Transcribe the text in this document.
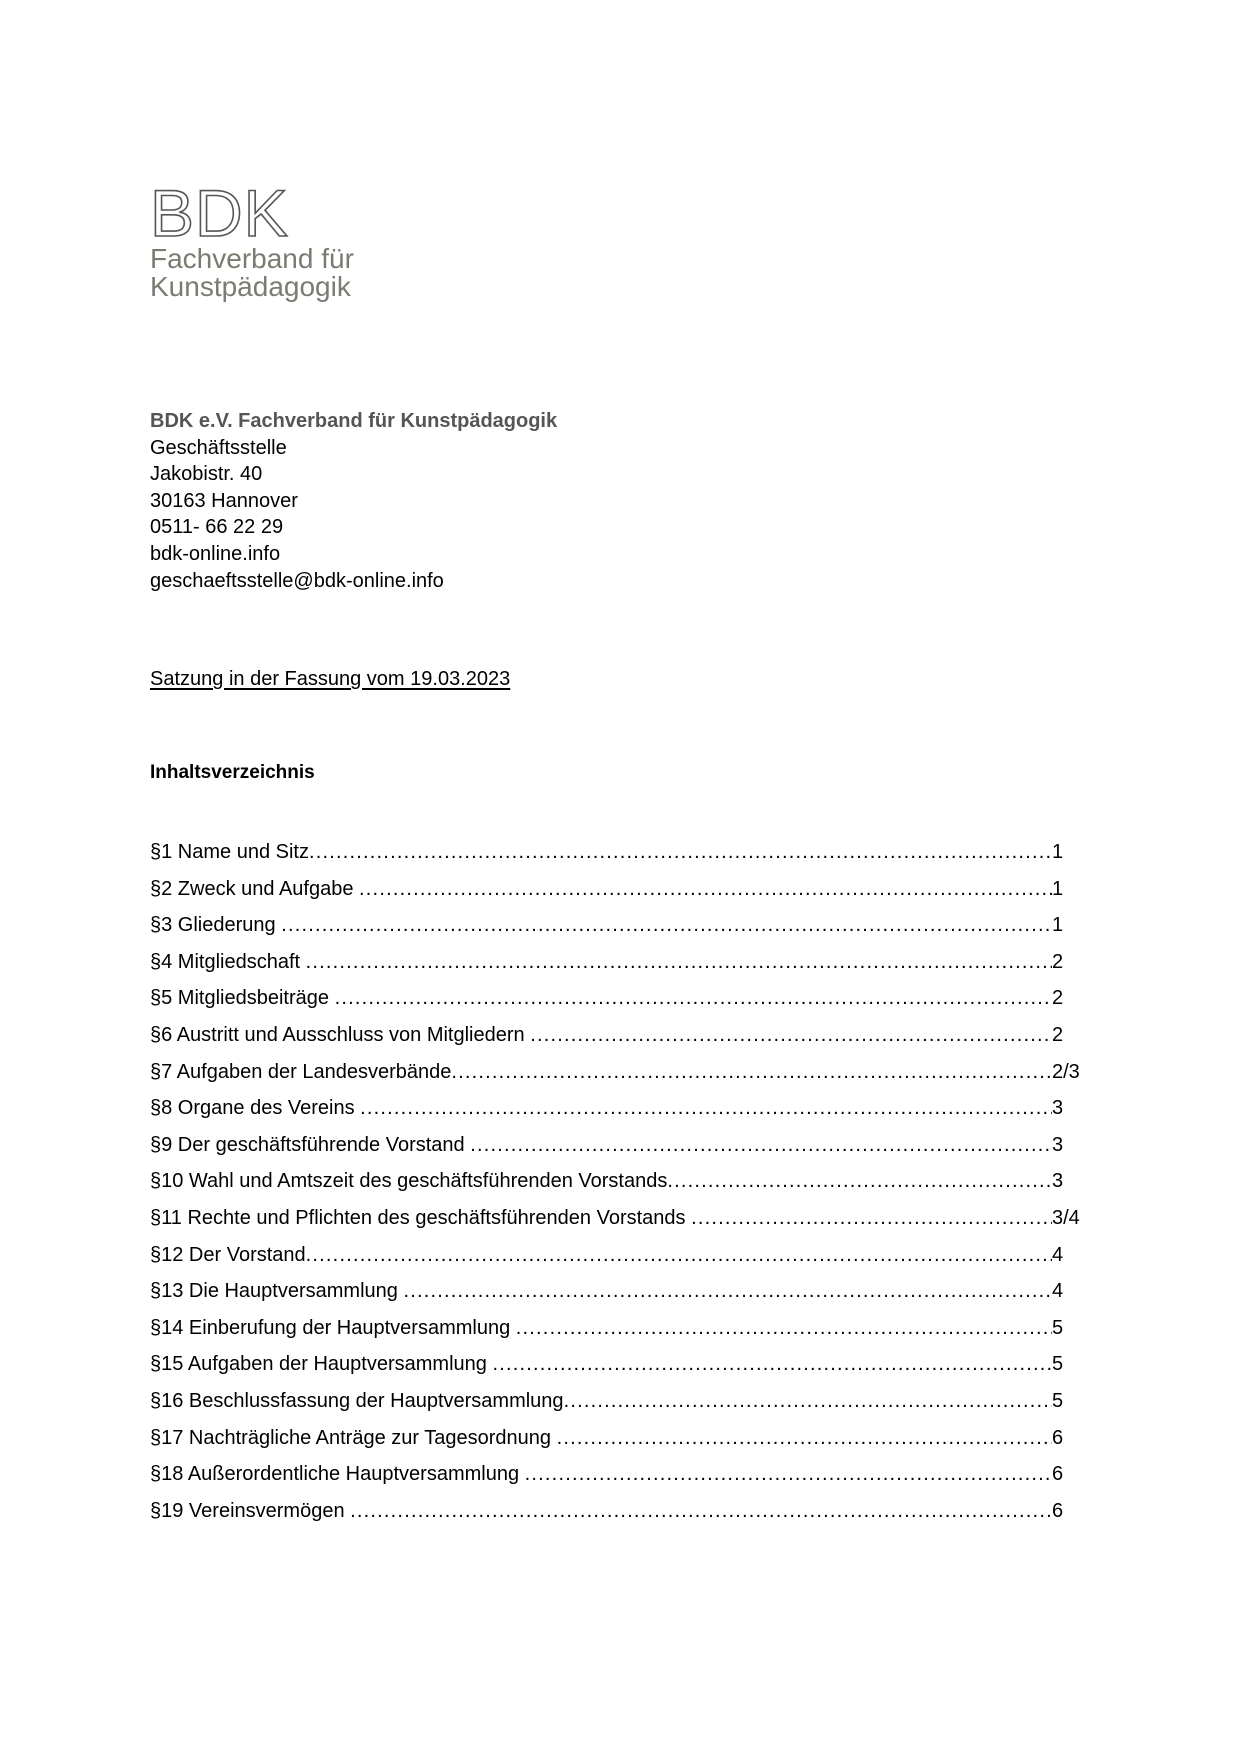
BDK
Fachverband für
Kunstpädagogik
BDK e.V. Fachverband für Kunstpädagogik
Geschäftsstelle
Jakobistr. 40
30163 Hannover
0511- 66 22 29
bdk-online.info
geschaeftsstelle@bdk-online.info
Satzung in der Fassung vom 19.03.2023
Inhaltsverzeichnis
§1 Name und Sitz .....	1
§2 Zweck und Aufgabe .....	1
§3 Gliederung .....	1
§4 Mitgliedschaft .....	2
§5 Mitgliedsbeiträge .....	2
§6 Austritt und Ausschluss von Mitgliedern .....	2
§7 Aufgaben der Landesverbände .....	2/3
§8 Organe des Vereins .....	3
§9 Der geschäftsführende Vorstand .....	3
§10 Wahl und Amtszeit des geschäftsführenden Vorstands .....	3
§11 Rechte und Pflichten des geschäftsführenden Vorstands .....	3/4
§12 Der Vorstand .....	4
§13 Die Hauptversammlung .....	4
§14 Einberufung der Hauptversammlung .....	5
§15 Aufgaben der Hauptversammlung .....	5
§16 Beschlussfassung der Hauptversammlung .....	5
§17 Nachträgliche Anträge zur Tagesordnung .....	6
§18 Außerordentliche Hauptversammlung .....	6
§19 Vereinsvermögen .....	6
